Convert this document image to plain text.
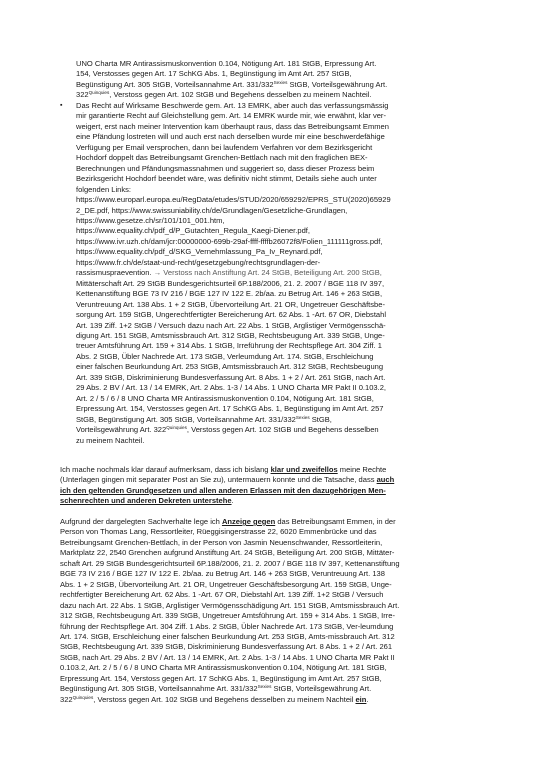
UNO Charta MR Antirassismuskonvention 0.104, Nötigung Art. 181 StGB, Erpressung Art.
154, Verstosses gegen Art. 17 SchKG Abs. 1, Begünstigung im Amt Art. 257 StGB,
Begünstigung Art. 305 StGB, Vorteilsannahme Art. $331/332^{Sexies}$ StGB, Vorteilsgewährung Art.
$322^{Quinquies}$, Verstoss gegen Art. 102 StGB und Begehens desselben zu meinem Nachteil.
▪ Das Recht auf Wirksame Beschwerde gem. Art. 13 EMRK, aber auch das verfassungsmässig
mir garantierte Recht auf Gleichstellung gem. Art. 14 EMRK wurde mir, wie erwähnt, klar ver-
weigert, erst nach meiner Intervention kam überhaupt raus, dass das Betreibungsamt Emmen
eine Pfändung lostreten will und auch erst nach derselben wurde mir eine beschwerdefähige
Verfügung per Email versprochen, dann bei laufendem Verfahren vor dem Bezirksgericht
Hochdorf doppelt das Betreibungsamt Grenchen-Bettlach nach mit den fraglichen BEX-
Berechnungen und Pfändungsmassnahmen und suggeriert so, dass dieser Prozess beim
Bezirksgericht Hochdorf beendet wäre, was definitiv nicht stimmt, Details siehe auch unter
folgenden Links:
https://www.europarl.europa.eu/RegData/etudes/STUD/2020/659292/EPRS_STU(2020)65929
2_DE.pdf, https://www.swissuniability.ch/de/Grundlagen/Gesetzliche-Grundlagen,
https://www.gesetze.ch/sr/101/101_001.htm,
https://www.equality.ch/pdf_d/P_Gutachten_Regula_Kaegi-Diener.pdf,
https://www.ivr.uzh.ch/dam/jcr:00000000-699b-29af-ffff-ffffb26072f8/Folien_111111gross.pdf,
https://www.equality.ch/pdf_d/SKG_Vernehmlassung_Pa_Iv_Reynard.pdf,
https://www.fr.ch/de/staat-und-recht/gesetzgebung/rechtsgrundlagen-der-
rassismuspraevention. → Verstoss nach Anstiftung Art. 24 StGB, Beteiligung Art. 200 StGB,
Mittäterschaft Art. 29 StGB Bundesgerichtsurteil 6P.188/2006, 21. 2. 2007 / BGE 118 IV 397,
Kettenanstiftung BGE 73 IV 216 / BGE 127 IV 122 E. 2b/aa. zu Betrug Art. 146 + 263 StGB,
Veruntreuung Art. 138 Abs. 1 + 2 StGB, Übervorteilung Art. 21 OR, Ungetreuer Geschäftsbe-
sorgung Art. 159 StGB, Ungerechtfertigter Bereicherung Art. 62 Abs. 1 -Art. 67 OR, Diebstahl
Art. 139 Ziff. 1+2 StGB / Versuch dazu nach Art. 22 Abs. 1 StGB, Arglistiger Vermögensschä-
digung Art. 151 StGB, Amtsmissbrauch Art. 312 StGB, Rechtsbeugung Art. 339 StGB, Unge-
treuer Amtsführung Art. 159 + 314 Abs. 1 StGB, Irreführung der Rechtspflege Art. 304 Ziff. 1
Abs. 2 StGB, Übler Nachrede Art. 173 StGB, Verleumdung Art. 174. StGB, Erschleichung
einer falschen Beurkundung Art. 253 StGB, Amtsmissbrauch Art. 312 StGB, Rechtsbeugung
Art. 339 StGB, Diskriminierung Bundesverfassung Art. 8 Abs. 1 + 2 / Art. 261 StGB, nach Art.
29 Abs. 2 BV / Art. 13 / 14 EMRK, Art. 2 Abs. 1-3 / 14 Abs. 1 UNO Charta MR Pakt II 0.103.2,
Art. 2 / 5 / 6 / 8 UNO Charta MR Antirassismuskonvention 0.104, Nötigung Art. 181 StGB,
Erpressung Art. 154, Verstosses gegen Art. 17 SchKG Abs. 1, Begünstigung im Amt Art. 257
StGB, Begünstigung Art. 305 StGB, Vorteilsannahme Art. $331/332^{Sexies}$ StGB,
Vorteilsgewährung Art. $322^{Quinquies}$, Verstoss gegen Art. 102 StGB und Begehens desselben
zu meinem Nachteil.
Ich mache nochmals klar darauf aufmerksam, dass ich bislang klar und zweifellos meine Rechte
(Unterlagen gingen mit separater Post an Sie zu), untermauern konnte und die Tatsache, dass auch
ich den geltenden Grundgesetzen und allen anderen Erlassen mit den dazugehörigen Men-
schenrechten und anderen Dekreten unterstehe.
Aufgrund der dargelegten Sachverhalte lege ich Anzeige gegen das Betreibungsamt Emmen, in der
Person von Thomas Lang, Ressortleiter, Rüeggisingerstrasse 22, 6020 Emmenbrücke und das
Betreibungsamt Grenchen-Bettlach, in der Person von Jasmin Neuenschwander, Ressortleiterin,
Marktplatz 22, 2540 Grenchen aufgrund Anstiftung Art. 24 StGB, Beteiligung Art. 200 StGB, Mittäter-
schaft Art. 29 StGB Bundesgerichtsurteil 6P.188/2006, 21. 2. 2007 / BGE 118 IV 397, Kettenanstiftung
BGE 73 IV 216 / BGE 127 IV 122 E. 2b/aa. zu Betrug Art. 146 + 263 StGB, Veruntreuung Art. 138
Abs. 1 + 2 StGB, Übervorteilung Art. 21 OR, Ungetreuer Geschäftsbesorgung Art. 159 StGB, Unge-
rechtfertigter Bereicherung Art. 62 Abs. 1 -Art. 67 OR, Diebstahl Art. 139 Ziff. 1+2 StGB / Versuch
dazu nach Art. 22 Abs. 1 StGB, Arglistiger Vermögensschädigung Art. 151 StGB, Amtsmissbrauch Art.
312 StGB, Rechtsbeugung Art. 339 StGB, Ungetreuer Amtsführung Art. 159 + 314 Abs. 1 StGB, Irre-
führung der Rechtspflege Art. 304 Ziff. 1 Abs. 2 StGB, Übler Nachrede Art. 173 StGB, Ver-leumdung
Art. 174. StGB, Erschleichung einer falschen Beurkundung Art. 253 StGB, Amts-missbrauch Art. 312
StGB, Rechtsbeugung Art. 339 StGB, Diskriminierung Bundesverfassung Art. 8 Abs. 1 + 2 / Art. 261
StGB, nach Art. 29 Abs. 2 BV / Art. 13 / 14 EMRK, Art. 2 Abs. 1-3 / 14 Abs. 1 UNO Charta MR Pakt II
0.103.2, Art. 2 / 5 / 6 / 8 UNO Charta MR Antirassismuskonvention 0.104, Nötigung Art. 181 StGB,
Erpressung Art. 154, Verstoss gegen Art. 17 SchKG Abs. 1, Begünstigung im Amt Art. 257 StGB,
Begünstigung Art. 305 StGB, Vorteilsannahme Art. $331/332^{Sexies}$ StGB, Vorteilsgewährung Art.
$322^{Quinquies}$, Verstoss gegen Art. 102 StGB und Begehens desselben zu meinem Nachteil ein.
